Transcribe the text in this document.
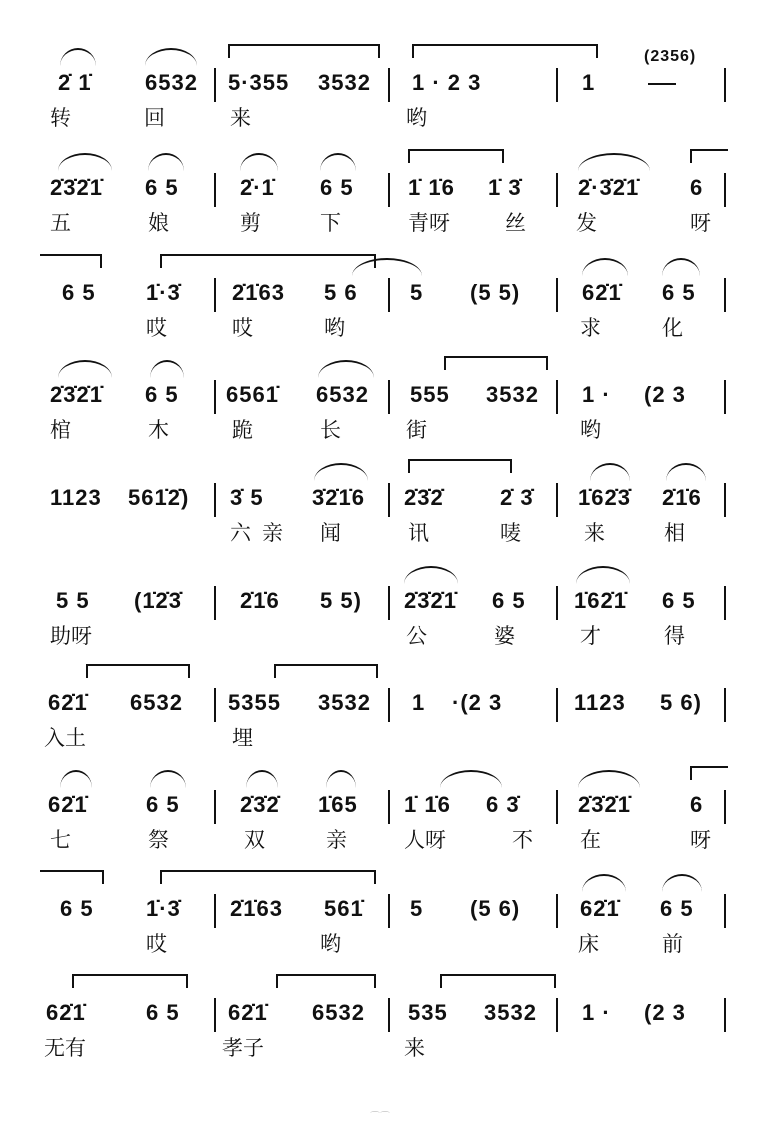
2̇ 1̇ 6532 5·355 3532 1 · 2 3	1
(2356)
转	回	来	哟
2̇3̇2̇1̇ 6 5	2̇·1̇ 6 5 1̇ 1̇6 1̇ 3̇	2̇·3̇2̇1̇ 6
五	娘	剪	下	青呀	丝 发	呀
6 5 1̇·3̇ 2̇1̇63 5 6 5 (5 5)	62̇1̇ 6 5
哎	哎	哟	求	化
2̇3̇2̇1̇ 6 5 6561̇ 6532 555 3532 1 · (2 3
棺	木	跪	长	街	哟
1123 561̇2̇) 3̇ 5 3̇2̇1̇6 2̇3̇2̇	2̇ 3̇ 1̇62̇3̇ 2̇1̇6
六 亲 闻	讯	唛	来	相
5 5 (1̇2̇3̇	2̇1̇6 5 5) 2̇3̇2̇1̇ 6 5 1̇62̇1̇ 6 5
助呀	公	婆	才	得
62̇1̇ 6532 5355 3532 1 ·(2 3	1123 5 6)
入土	埋
62̇1̇	6 5	2̇3̇2̇ 1̇65 1̇ 1̇6 6 3̇	2̇3̇2̇1̇	6
七	祭	双	亲	人呀	不 在	呀
6 5 1̇·3̇ 2̇1̇63 561̇ 5 (5 6)	62̇1̇ 6 5
哎	哟	床	前
62̇1̇	6 5 62̇1̇ 6532 535 3532 1 · (2 3
无有	孝子	来
⌒⌒
